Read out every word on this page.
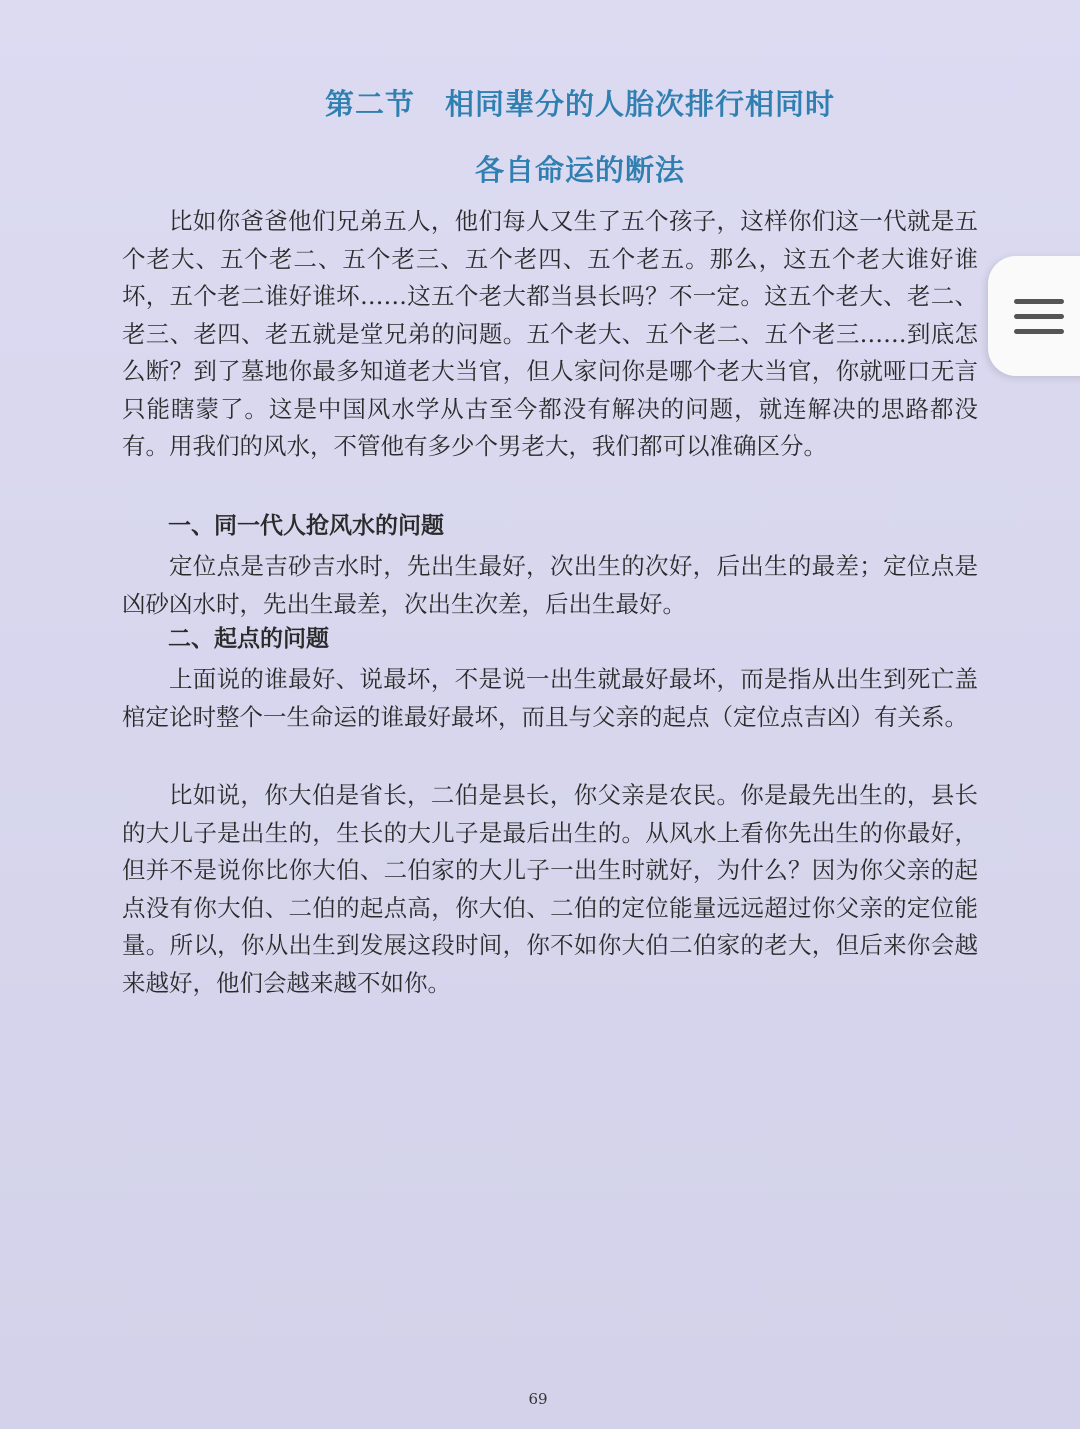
第二节　相同辈分的人胎次排行相同时
各自命运的断法

比如你爸爸他们兄弟五人，他们每人又生了五个孩子，这样你们这一代就是五个老大、五个老二、五个老三、五个老四、五个老五。那么，这五个老大谁好谁坏，五个老二谁好谁坏……这五个老大都当县长吗？不一定。这五个老大、老二、老三、老四、老五就是堂兄弟的问题。五个老大、五个老二、五个老三……到底怎么断？到了墓地你最多知道老大当官，但人家问你是哪个老大当官，你就哑口无言只能瞎蒙了。这是中国风水学从古至今都没有解决的问题，就连解决的思路都没有。用我们的风水，不管他有多少个男老大，我们都可以准确区分。

一、同一代人抢风水的问题

定位点是吉砂吉水时，先出生最好，次出生的次好，后出生的最差；定位点是凶砂凶水时，先出生最差，次出生次差，后出生最好。

二、起点的问题

上面说的谁最好、说最坏，不是说一出生就最好最坏，而是指从出生到死亡盖棺定论时整个一生命运的谁最好最坏，而且与父亲的起点（定位点吉凶）有关系。

比如说，你大伯是省长，二伯是县长，你父亲是农民。你是最先出生的，县长的大儿子是出生的，生长的大儿子是最后出生的。从风水上看你先出生的你最好，但并不是说你比你大伯、二伯家的大儿子一出生时就好，为什么？因为你父亲的起点没有你大伯、二伯的起点高，你大伯、二伯的定位能量远远超过你父亲的定位能量。所以，你从出生到发展这段时间，你不如你大伯二伯家的老大，但后来你会越来越好，他们会越来越不如你。

69
